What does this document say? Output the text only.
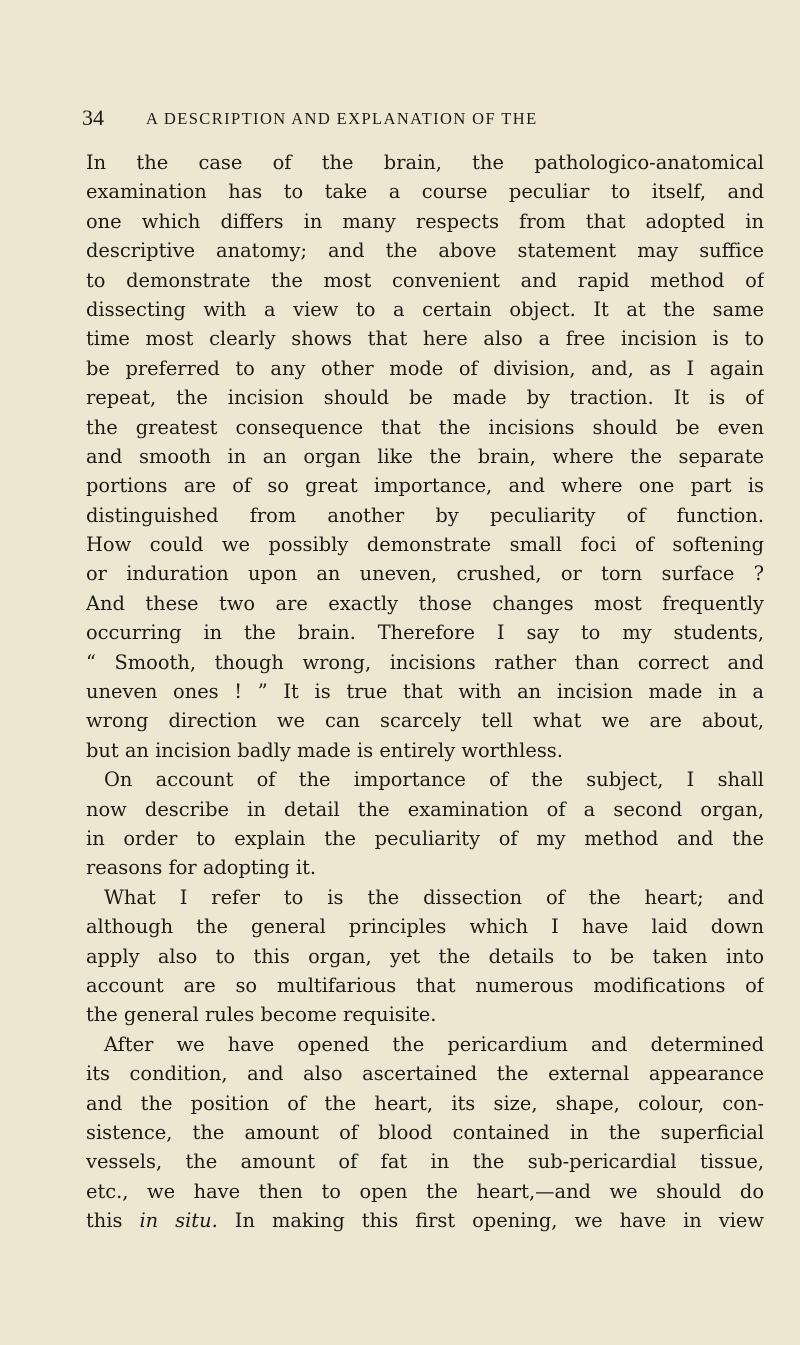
34	A DESCRIPTION AND EXPLANATION OF THE
In the case of the brain, the pathologico-anatomical
examination has to take a course peculiar to itself, and
one which differs in many respects from that adopted in
descriptive anatomy; and the above statement may suffice
to demonstrate the most convenient and rapid method of
dissecting with a view to a certain object. It at the same
time most clearly shows that here also a free incision is to
be preferred to any other mode of division, and, as I again
repeat, the incision should be made by traction. It is of
the greatest consequence that the incisions should be even
and smooth in an organ like the brain, where the separate
portions are of so great importance, and where one part is
distinguished from another by peculiarity of function.
How could we possibly demonstrate small foci of softening
or induration upon an uneven, crushed, or torn surface ?
And these two are exactly those changes most frequently
occurring in the brain. Therefore I say to my students,
“ Smooth, though wrong, incisions rather than correct and
uneven ones ! ” It is true that with an incision made in a
wrong direction we can scarcely tell what we are about,
but an incision badly made is entirely worthless.
On account of the importance of the subject, I shall
now describe in detail the examination of a second organ,
in order to explain the peculiarity of my method and the
reasons for adopting it.
What I refer to is the dissection of the heart; and
although the general principles which I have laid down
apply also to this organ, yet the details to be taken into
account are so multifarious that numerous modifications of
the general rules become requisite.
After we have opened the pericardium and determined
its condition, and also ascertained the external appearance
and the position of the heart, its size, shape, colour, con-
sistence, the amount of blood contained in the superficial
vessels, the amount of fat in the sub-pericardial tissue,
etc., we have then to open the heart,—and we should do
this in situ. In making this first opening, we have in view
